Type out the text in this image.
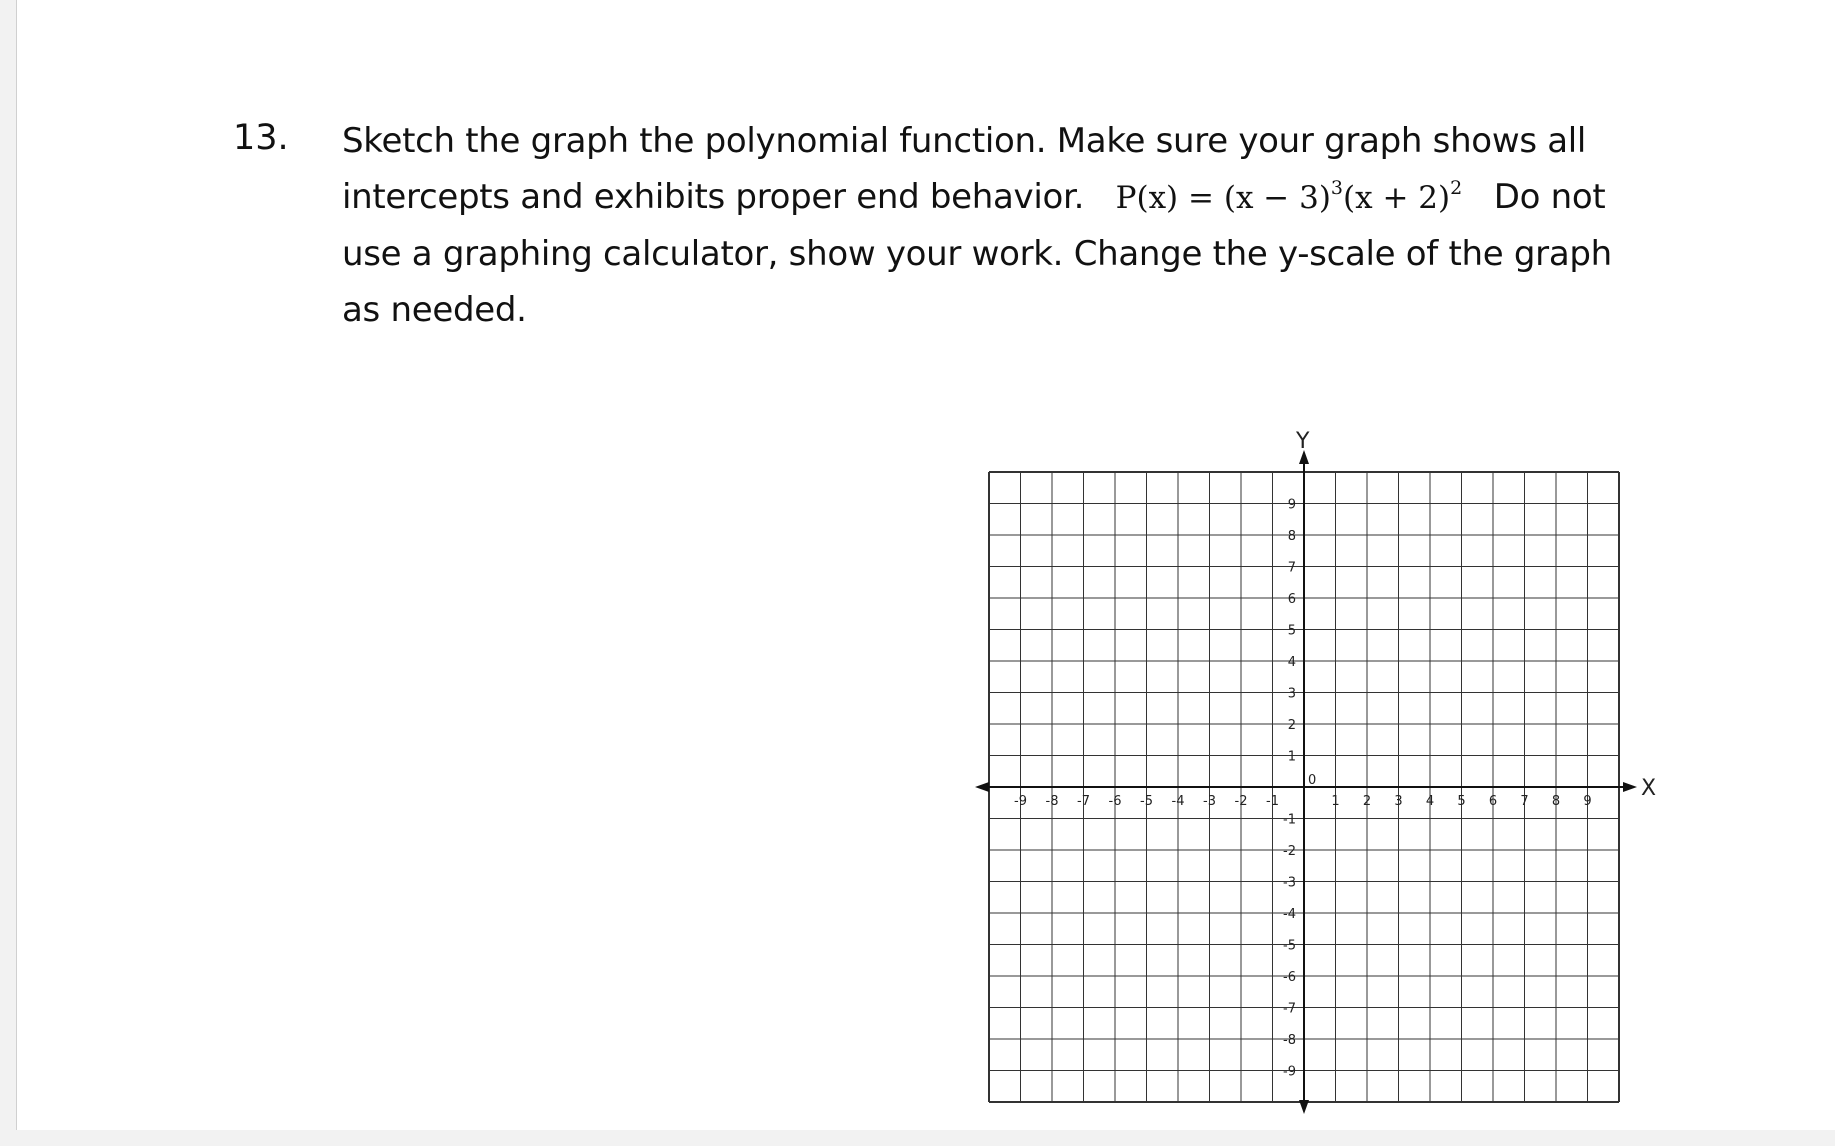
13. Sketch the graph the polynomial function. Make sure your graph shows all
intercepts and exhibits proper end behavior. $P(x) = (x - 3)^3(x + 2)^2$ Do not
use a graphing calculator, show your work. Change the y-scale of the graph
as needed.
-9 -8 -7 -6 -5 -4 -3 -2 -1	1 2 3 4 5 6 7 8 9
9
8
7
6
5
4
3
2
1
-1
-2
-3
-4
-5
-6
-7
-8
-9
X
Y
0
